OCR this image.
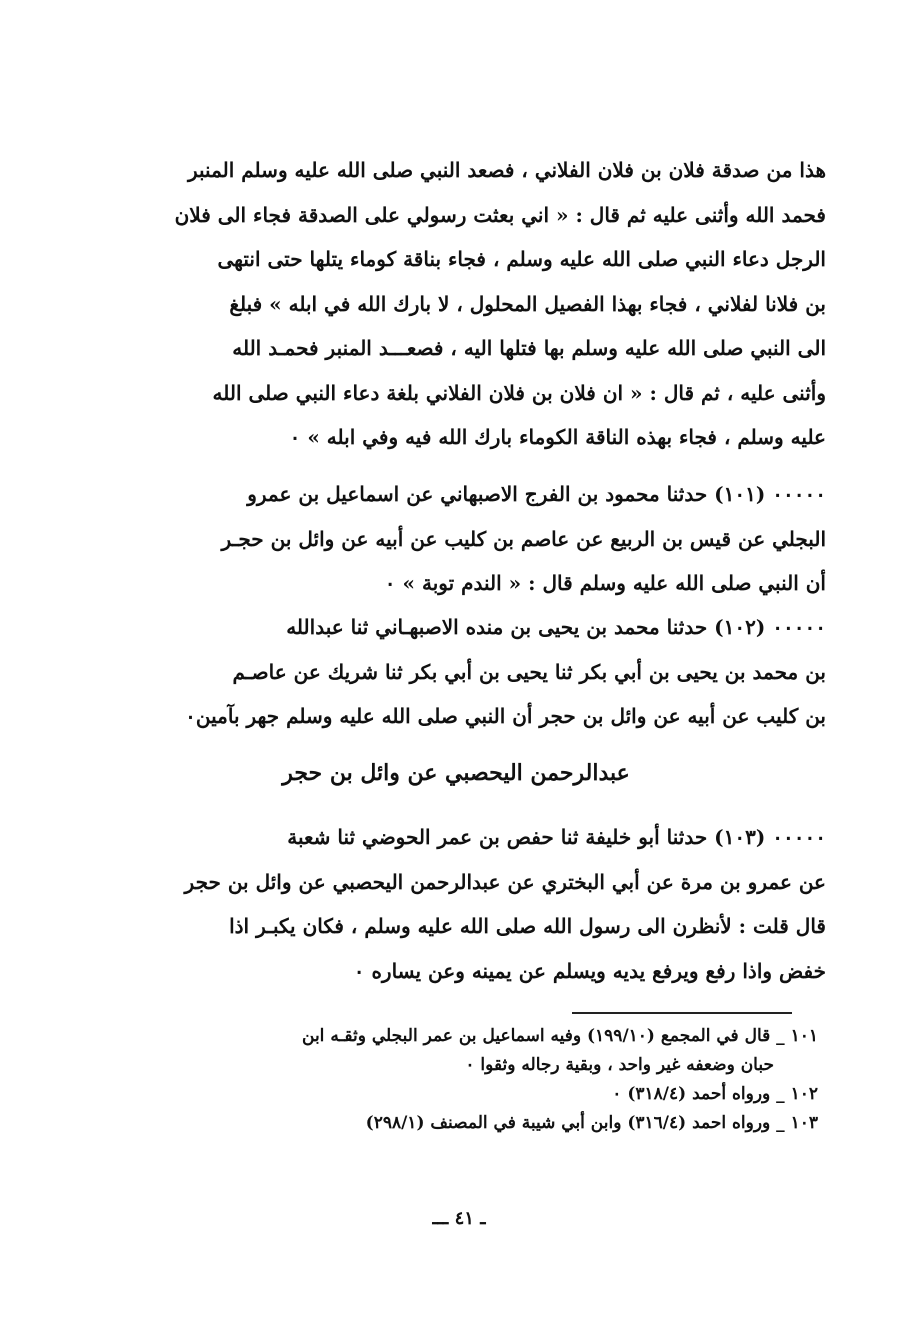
هذا من صدقة فلان بن فلان الفلاني ، فصعد النبي صلى الله عليه وسلم المنبر
فحمد الله وأثنى عليه ثم قال : « اني بعثت رسولي على الصدقة فجاء الى فلان
الرجل دعاء النبي صلى الله عليه وسلم ، فجاء بناقة كوماء يتلها حتى انتهى
بن فلانا لفلاني ، فجاء بهذا الفصيل المحلول ، لا بارك الله في ابله » فبلغ
الى النبي صلى الله عليه وسلم بها فتلها اليه ، فصعـــد المنبر فحمـد الله
وأثنى عليه ، ثم قال : « ان فلان بن فلان الفلاني بلغة دعاء النبي صلى الله
عليه وسلم ، فجاء بهذه الناقة الكوماء بارك الله فيه وفي ابله » ٠
٠٠٠٠٠ (١٠١) حدثنا محمود بن الفرج الاصبهاني عن اسماعيل بن عمرو
البجلي عن قيس بن الربيع عن عاصم بن كليب عن أبيه عن وائل بن حجـر
أن النبي صلى الله عليه وسلم قال : « الندم توبة » ٠
٠٠٠٠٠ (١٠٢) حدثنا محمد بن يحيى بن منده الاصبهـاني ثنا عبدالله
بن محمد بن يحيى بن أبي بكر ثنا يحيى بن أبي بكر ثنا شريك عن عاصـم
بن كليب عن أبيه عن وائل بن حجر أن النبي صلى الله عليه وسلم جهر بآمين٠
عبدالرحمن اليحصبي عن وائل بن حجر
٠٠٠٠٠ (١٠٣) حدثنا أبو خليفة ثنا حفص بن عمر الحوضي ثنا شعبة
عن عمرو بن مرة عن أبي البختري عن عبدالرحمن اليحصبي عن وائل بن حجر
قال قلت : لأنظرن الى رسول الله صلى الله عليه وسلم ، فكان يكبـر اذا
خفض واذا رفع ويرفع يديه ويسلم عن يمينه وعن يساره ٠
١٠١ _ قال في المجمع (١٩٩/١٠) وفيه اسماعيل بن عمر البجلي وثقـه ابن
حبان وضعفه غير واحد ، وبقية رجاله وثقوا ٠
١٠٢ _ ورواه أحمد (٣١٨/٤) ٠
١٠٣ _ ورواه احمد (٣١٦/٤) وابن أبي شيبة في المصنف (٢٩٨/١)
ـ ٤١ ـــ
